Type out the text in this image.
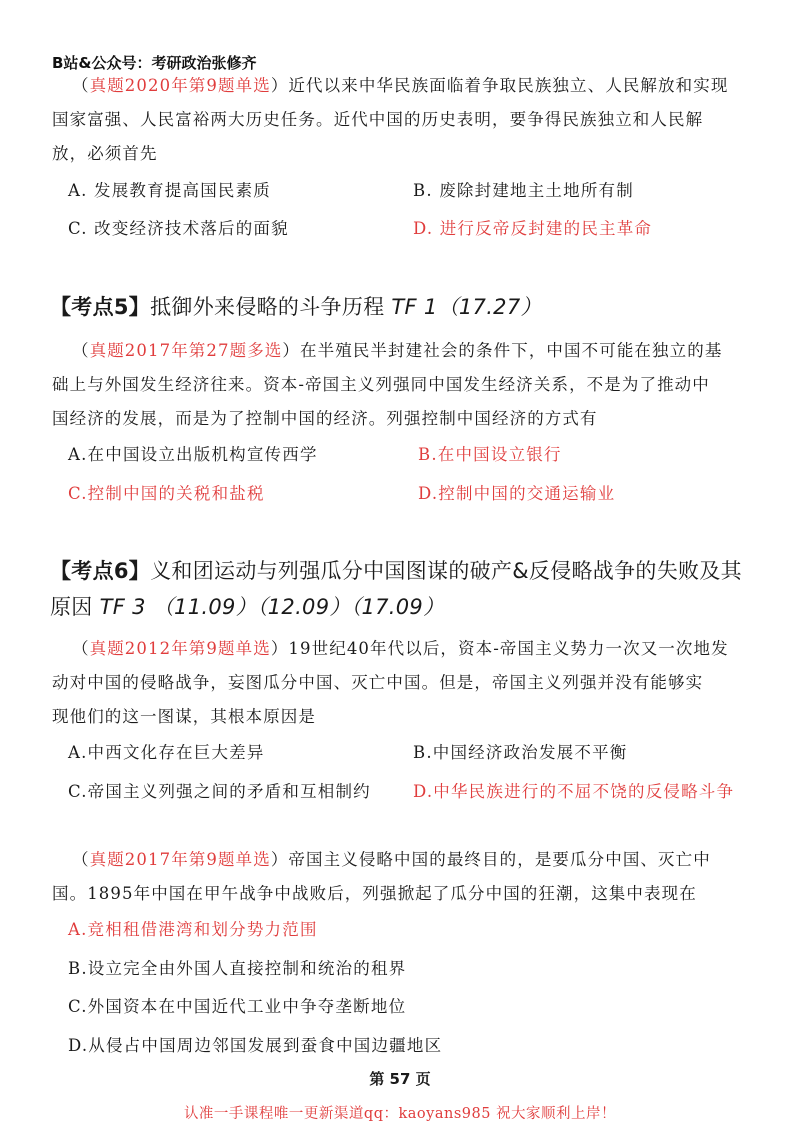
B站&公众号：考研政治张修齐
（真题2020年第9题单选）近代以来中华民族面临着争取民族独立、人民解放和实现
国家富强、人民富裕两大历史任务。近代中国的历史表明，要争得民族独立和人民解
放，必须首先
A. 发展教育提高国民素质	B. 废除封建地主土地所有制
C. 改变经济技术落后的面貌	D. 进行反帝反封建的民主革命
【考点5】抵御外来侵略的斗争历程 TF 1（17.27）
（真题2017年第27题多选）在半殖民半封建社会的条件下，中国不可能在独立的基
础上与外国发生经济往来。资本-帝国主义列强同中国发生经济关系，不是为了推动中
国经济的发展，而是为了控制中国的经济。列强控制中国经济的方式有
A.在中国设立出版机构宣传西学	B.在中国设立银行
C.控制中国的关税和盐税	D.控制中国的交通运输业
【考点6】义和团运动与列强瓜分中国图谋的破产&反侵略战争的失败及其
原因 TF 3 （11.09）（12.09）（17.09）
（真题2012年第9题单选）19世纪40年代以后，资本-帝国主义势力一次又一次地发
动对中国的侵略战争，妄图瓜分中国、灭亡中国。但是，帝国主义列强并没有能够实
现他们的这一图谋，其根本原因是
A.中西文化存在巨大差异	B.中国经济政治发展不平衡
C.帝国主义列强之间的矛盾和互相制约	D.中华民族进行的不屈不饶的反侵略斗争
（真题2017年第9题单选）帝国主义侵略中国的最终目的，是要瓜分中国、灭亡中
国。1895年中国在甲午战争中战败后，列强掀起了瓜分中国的狂潮，这集中表现在
A.竞相租借港湾和划分势力范围
B.设立完全由外国人直接控制和统治的租界
C.外国资本在中国近代工业中争夺垄断地位
D.从侵占中国周边邻国发展到蚕食中国边疆地区
第 57 页
认准一手课程唯一更新渠道qq：kaoyans985 祝大家顺利上岸！
